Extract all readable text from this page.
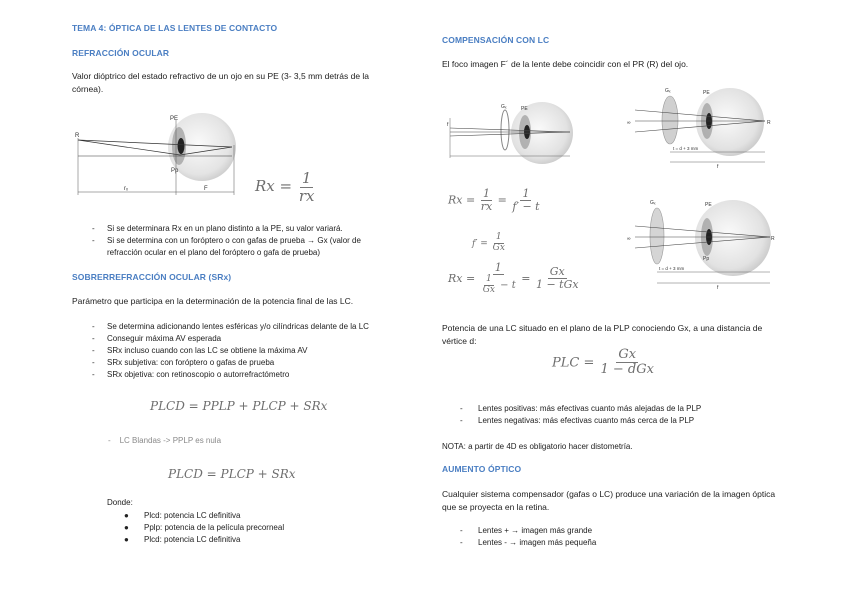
TEMA 4: ÓPTICA DE LAS LENTES DE CONTACTO
REFRACCIÓN OCULAR
Valor dióptrico del estado refractivo de un ojo en su PE (3- 3,5 mm detrás de la córnea).
R
PE
Pp
rₓ	F	$Rx = \frac{1}{rx}$
- Si se determinara Rx en un plano distinto a la PE, su valor variará.
- Si se determina con un foróptero o con gafas de prueba → Gx (valor de
refracción ocular en el plano del foróptero o gafa de prueba)
SOBRERREFRACCIÓN OCULAR (SRx)
Parámetro que participa en la determinación de la potencia final de las LC.
- Se determina adicionando lentes esféricas y/o cilíndricas delante de la LC
- Conseguir máxima AV esperada
- SRx incluso cuando con las LC se obtiene la máxima AV
- SRx subjetiva: con foróptero o gafas de prueba
- SRx objetiva: con retinoscopio o autorrefractómetro
PLCD = PPLP + PLCP + SRx
-    LC Blandas -> PPLP es nula
PLCD = PLCP + SRx
Donde:
● Plcd: potencia LC definitiva
● Pplp: potencia de la película precorneal
● Plcd: potencia LC definitiva
COMPENSACIÓN CON LC
El foco imagen F´ de la lente debe coincidir con el PR (R) del ojo.
Gₓ	PE
f	∞
Gₓ	PE
R
t = d + 3 mm
f
∞
Gₓ	PE
Pp
R
t = d + 3 mm
f
$Rx = \frac{1}{rx} = \frac{1}{f' - t}$
$f' = \frac{1}{Gx}$
$Rx = \frac{1}{\frac{1}{Gx} - t} = \frac{Gx}{\text{1 − tGx}}$
Potencia de una LC situado en el plano de la PLP conociendo Gx, a una distancia de vértice d:
PLC = $\frac{Gx}{\text{1 − dGx}}$
- Lentes positivas: más efectivas cuanto más alejadas de la PLP
- Lentes negativas: más efectivas cuanto más cerca de la PLP
NOTA: a partir de 4D es obligatorio hacer distometría.
AUMENTO ÓPTICO
Cualquier sistema compensador (gafas o LC) produce una variación de la imagen óptica que se proyecta en la retina.
- Lentes + → imagen más grande
- Lentes - → imagen más pequeña
